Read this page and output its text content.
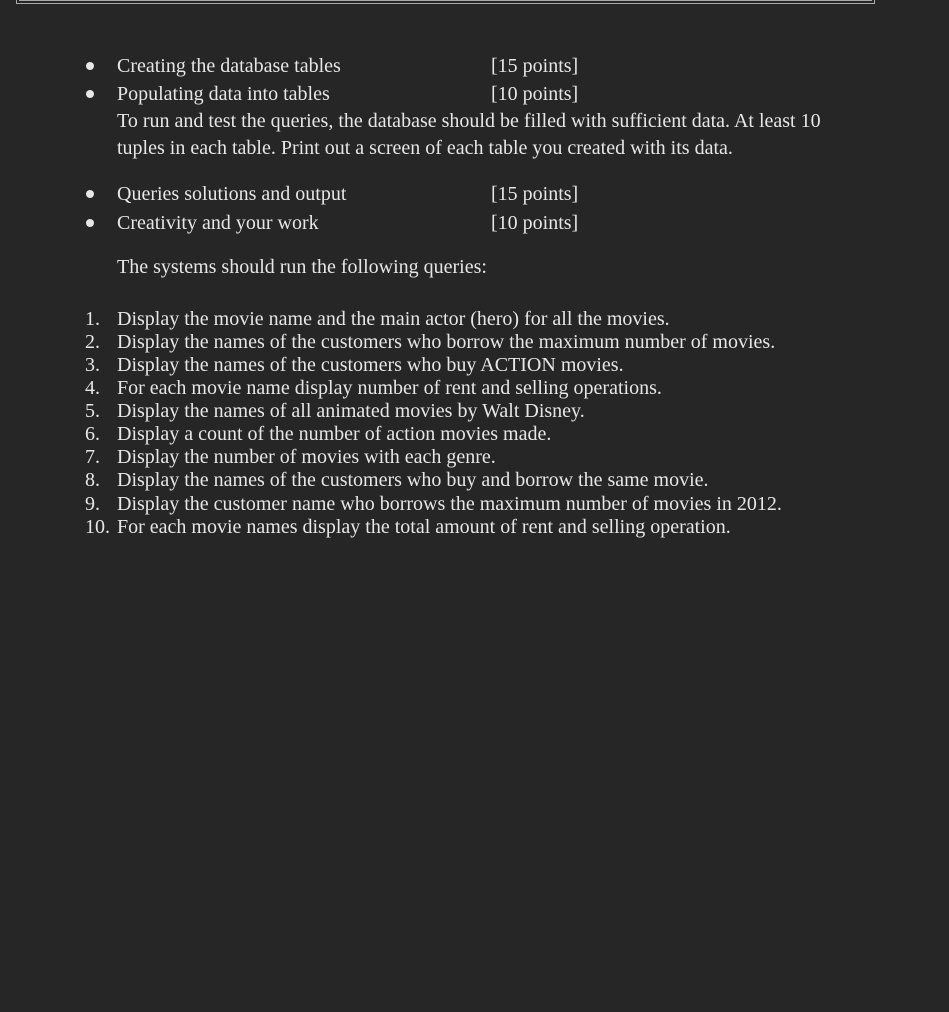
Creating the database tables	[15 points]
Populating data into tables	[10 points]
To run and test the queries, the database should be filled with sufficient data. At least 10
tuples in each table. Print out a screen of each table you created with its data.
Queries solutions and output	[15 points]
Creativity and your work	[10 points]
The systems should run the following queries:
1. Display the movie name and the main actor (hero) for all the movies.
2. Display the names of the customers who borrow the maximum number of movies.
3. Display the names of the customers who buy ACTION movies.
4. For each movie name display number of rent and selling operations.
5. Display the names of all animated movies by Walt Disney.
6. Display a count of the number of action movies made.
7. Display the number of movies with each genre.
8. Display the names of the customers who buy and borrow the same movie.
9. Display the customer name who borrows the maximum number of movies in 2012.
10. For each movie names display the total amount of rent and selling operation.
